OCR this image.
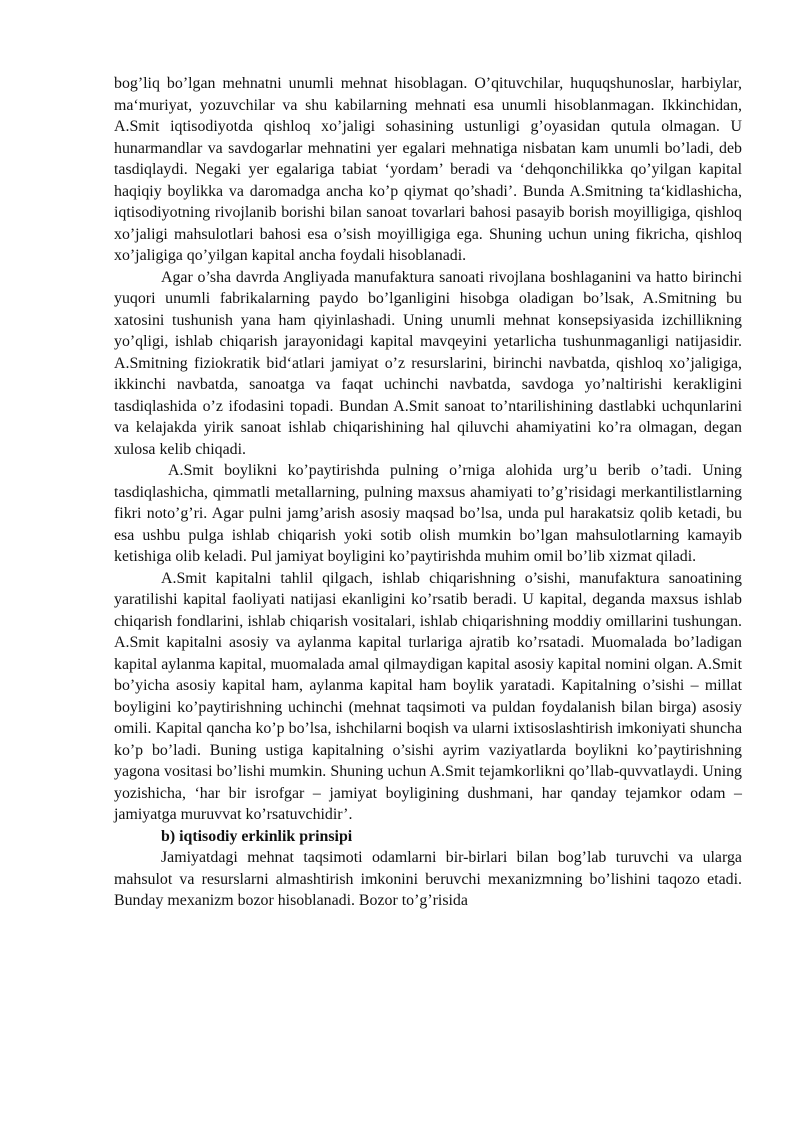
bog’liq bo’lgan mehnatni unumli mehnat hisoblagan. O’qituvchilar, huquqshunoslar, harbiylar, ma‘muriyat, yozuvchilar va shu kabilarning mehnati esa unumli hisoblanmagan. Ikkinchidan, A.Smit iqtisodiyotda qishloq xo’jaligi sohasining ustunligi g’oyasidan qutula olmagan. U hunarmandlar va savdogarlar mehnatini yer egalari mehnatiga nisbatan kam unumli bo’ladi, deb tasdiqlaydi. Negaki yer egalariga tabiat ‘yordam’ beradi va ‘dehqonchilikka qo’yilgan kapital haqiqiy boylikka va daromadga ancha ko’p qiymat qo’shadi’. Bunda A.Smitning ta‘kidlashicha, iqtisodiyotning rivojlanib borishi bilan sanoat tovarlari bahosi pasayib borish moyilligiga, qishloq xo’jaligi mahsulotlari bahosi esa o’sish moyilligiga ega. Shuning uchun uning fikricha, qishloq xo’jaligiga qo’yilgan kapital ancha foydali hisoblanadi.

Agar o’sha davrda Angliyada manufaktura sanoati rivojlana boshlaganini va hatto birinchi yuqori unumli fabrikalarning paydo bo’lganligini hisobga oladigan bo’lsak, A.Smitning bu xatosini tushunish yana ham qiyinlashadi. Uning unumli mehnat konsepsiyasida izchillikning yo’qligi, ishlab chiqarish jarayonidagi kapital mavqeyini yetarlicha tushunmaganligi natijasidir. A.Smitning fiziokratik bid‘atlari jamiyat o’z resurslarini, birinchi navbatda, qishloq xo’jaligiga, ikkinchi navbatda, sanoatga va faqat uchinchi navbatda, savdoga yo’naltirishi kerakligini tasdiqlashida o’z ifodasini topadi. Bundan A.Smit sanoat to’ntarilishining dastlabki uchqunlarini va kelajakda yirik sanoat ishlab chiqarishining hal qiluvchi ahamiyatini ko’ra olmagan, degan xulosa kelib chiqadi.

A.Smit boylikni ko’paytirishda pulning o’rniga alohida urg’u berib o’tadi. Uning tasdiqlashicha, qimmatli metallarning, pulning maxsus ahamiyati to’g’risidagi merkantilistlarning fikri noto’g’ri. Agar pulni jamg’arish asosiy maqsad bo’lsa, unda pul harakatsiz qolib ketadi, bu esa ushbu pulga ishlab chiqarish yoki sotib olish mumkin bo’lgan mahsulotlarning kamayib ketishiga olib keladi. Pul jamiyat boyligini ko’paytirishda muhim omil bo’lib xizmat qiladi.

A.Smit kapitalni tahlil qilgach, ishlab chiqarishning o’sishi, manufaktura sanoatining yaratilishi kapital faoliyati natijasi ekanligini ko’rsatib beradi. U kapital, deganda maxsus ishlab chiqarish fondlarini, ishlab chiqarish vositalari, ishlab chiqarishning moddiy omillarini tushungan. A.Smit kapitalni asosiy va aylanma kapital turlariga ajratib ko’rsatadi. Muomalada bo’ladigan kapital aylanma kapital, muomalada amal qilmaydigan kapital asosiy kapital nomini olgan. A.Smit bo’yicha asosiy kapital ham, aylanma kapital ham boylik yaratadi. Kapitalning o’sishi – millat boyligini ko’paytirishning uchinchi (mehnat taqsimoti va puldan foydalanish bilan birga) asosiy omili. Kapital qancha ko’p bo’lsa, ishchilarni boqish va ularni ixtisoslashtirish imkoniyati shuncha ko’p bo’ladi. Buning ustiga kapitalning o’sishi ayrim vaziyatlarda boylikni ko’paytirishning yagona vositasi bo’lishi mumkin. Shuning uchun A.Smit tejamkorlikni qo’llab-quvvatlaydi. Uning yozishicha, ‘har bir isrofgar – jamiyat boyligining dushmani, har qanday tejamkor odam – jamiyatga muruvvat ko’rsatuvchidir’.

b) iqtisodiy erkinlik prinsipi

Jamiyatdagi mehnat taqsimoti odamlarni bir-birlari bilan bog’lab turuvchi va ularga mahsulot va resurslarni almashtirish imkonini beruvchi mexanizmning bo’lishini taqozo etadi. Bunday mexanizm bozor hisoblanadi. Bozor to’g’risida
